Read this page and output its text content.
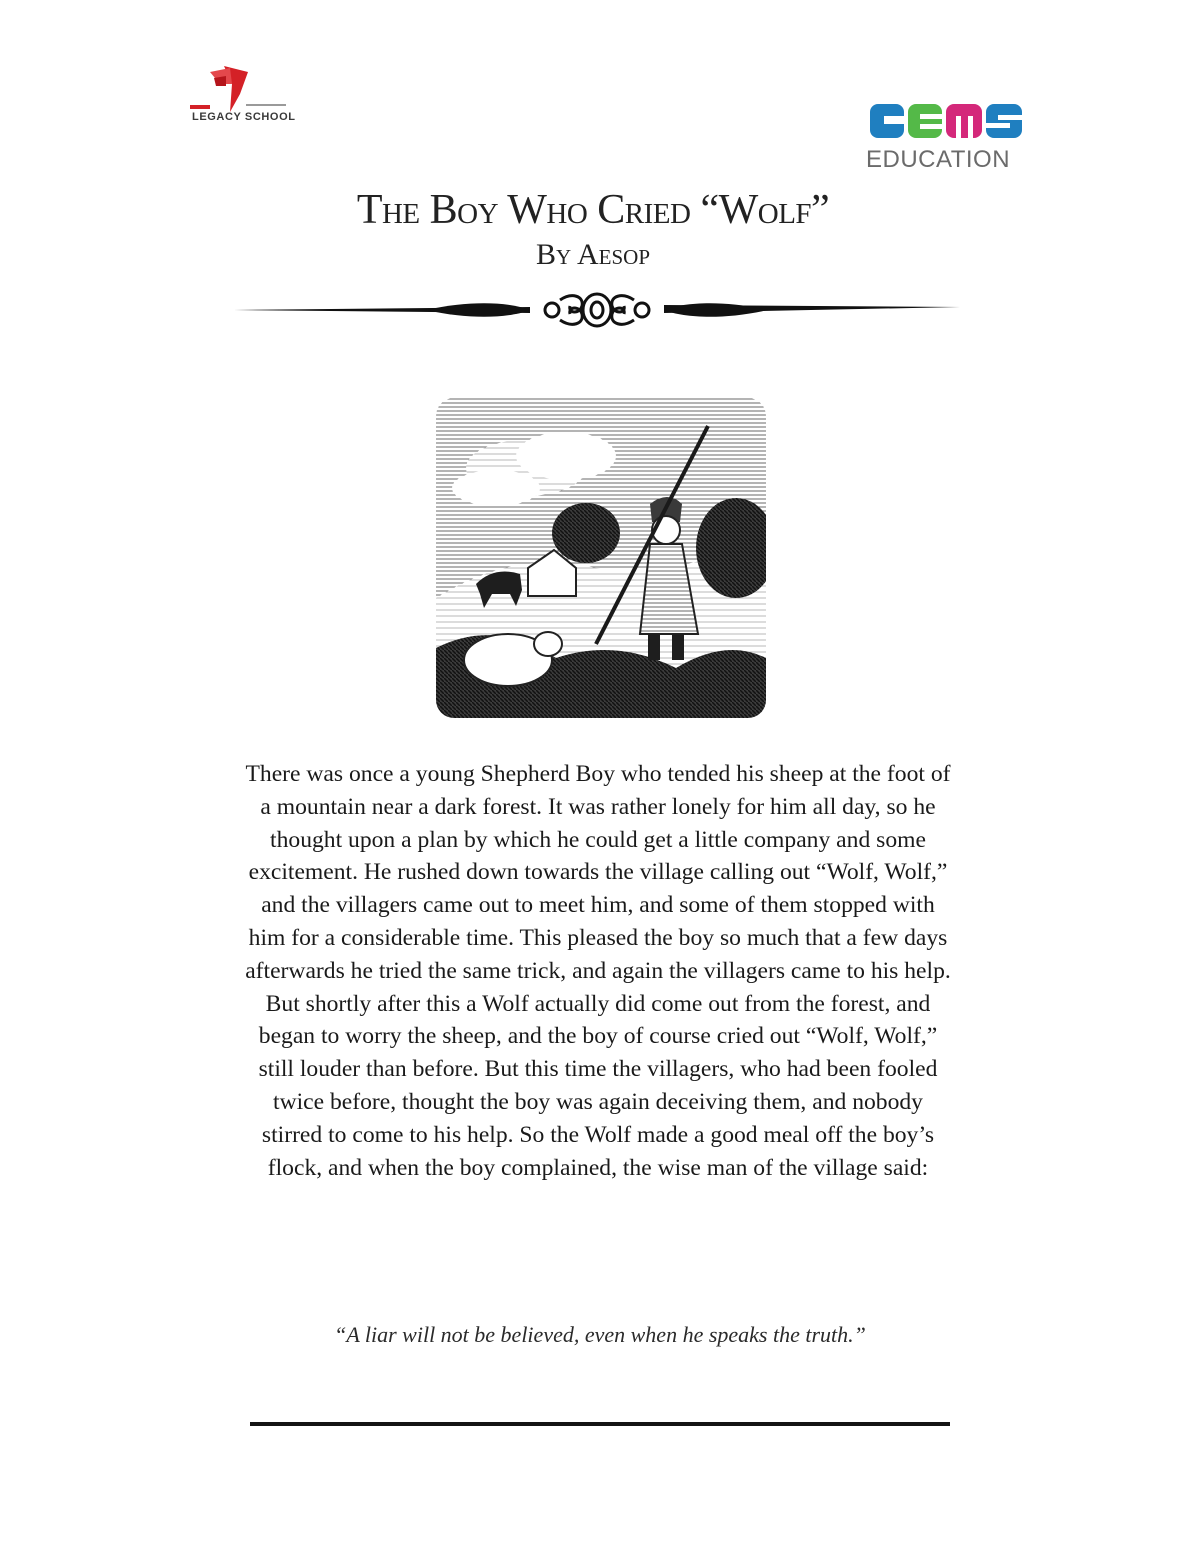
LEGACY SCHOOL
EDUCATION
The Boy Who Cried “Wolf”
By Aesop

There was once a young Shepherd Boy who tended his sheep at the foot of a mountain near a dark forest. It was rather lonely for him all day, so he thought upon a plan by which he could get a little company and some excitement. He rushed down towards the village calling out “Wolf, Wolf,” and the villagers came out to meet him, and some of them stopped with him for a considerable time. This pleased the boy so much that a few days afterwards he tried the same trick, and again the villagers came to his help. But shortly after this a Wolf actually did come out from the forest, and began to worry the sheep, and the boy of course cried out “Wolf, Wolf,” still louder than before. But this time the villagers, who had been fooled twice before, thought the boy was again deceiving them, and nobody stirred to come to his help. So the Wolf made a good meal off the boy’s flock, and when the boy complained, the wise man of the village said:

“A liar will not be believed, even when he speaks the truth.”
